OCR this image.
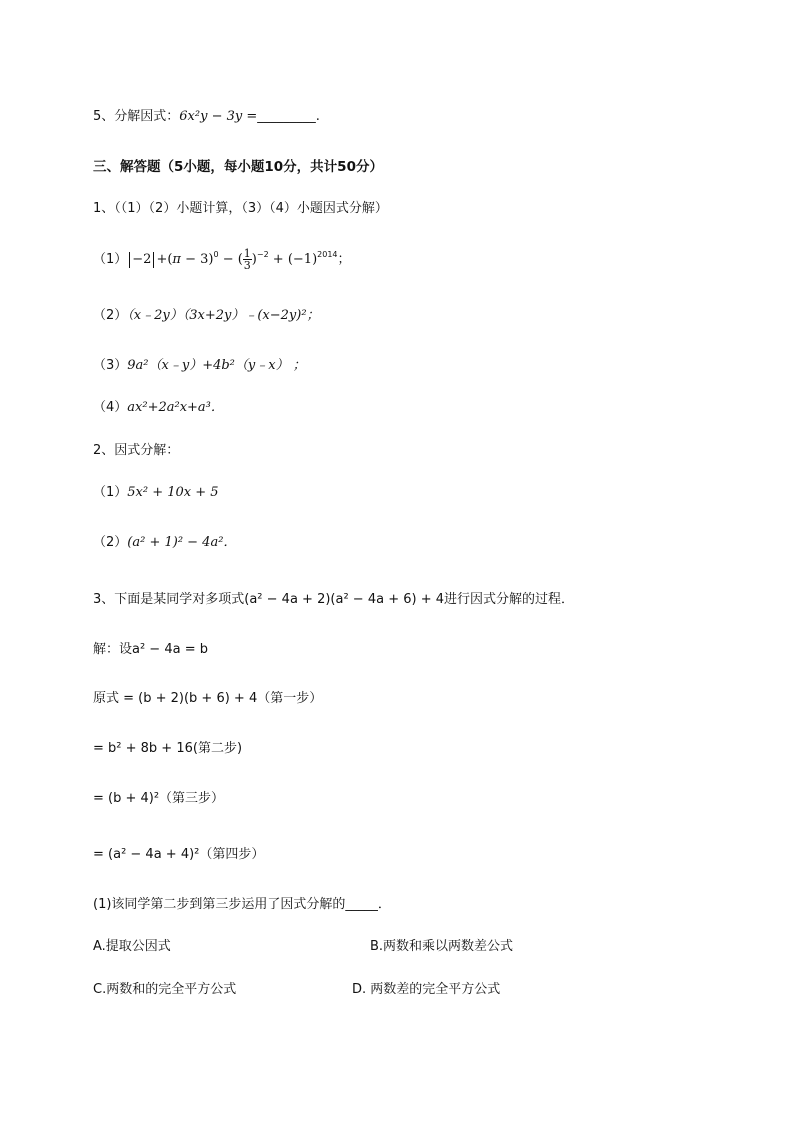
5、分解因式：6x²y − 3y =_________.
三、解答题（5小题，每小题10分，共计50分）
1、（（1）（2）小题计算，（3）（4）小题因式分解）
$(1) -2 +(\pi - 3)^0$ − ( $\frac{1}{3} )^{-2} + (-1)^{2014}$；
（2）（x﹣2y）（3x+2y）﹣(x−2y)²；
（3）9a²（x﹣y）+4b²（y﹣x） ；
（4）ax²+2a²x+a³．
2、因式分解：
（1）5x² + 10x + 5
（2）(a² + 1)² − 4a²．
3、下面是某同学对多项式(a² − 4a + 2)(a² − 4a + 6) + 4进行因式分解的过程．
解：设a² − 4a = b
原式 = (b + 2)(b + 6) + 4（第一步）
= b² + 8b + 16(第二步)
= (b + 4)²（第三步）
= (a² − 4a + 4)²（第四步）
(1)该同学第二步到第三步运用了因式分解的_____．
A.提取公因式	B.两数和乘以两数差公式
C.两数和的完全平方公式	D. 两数差的完全平方公式
